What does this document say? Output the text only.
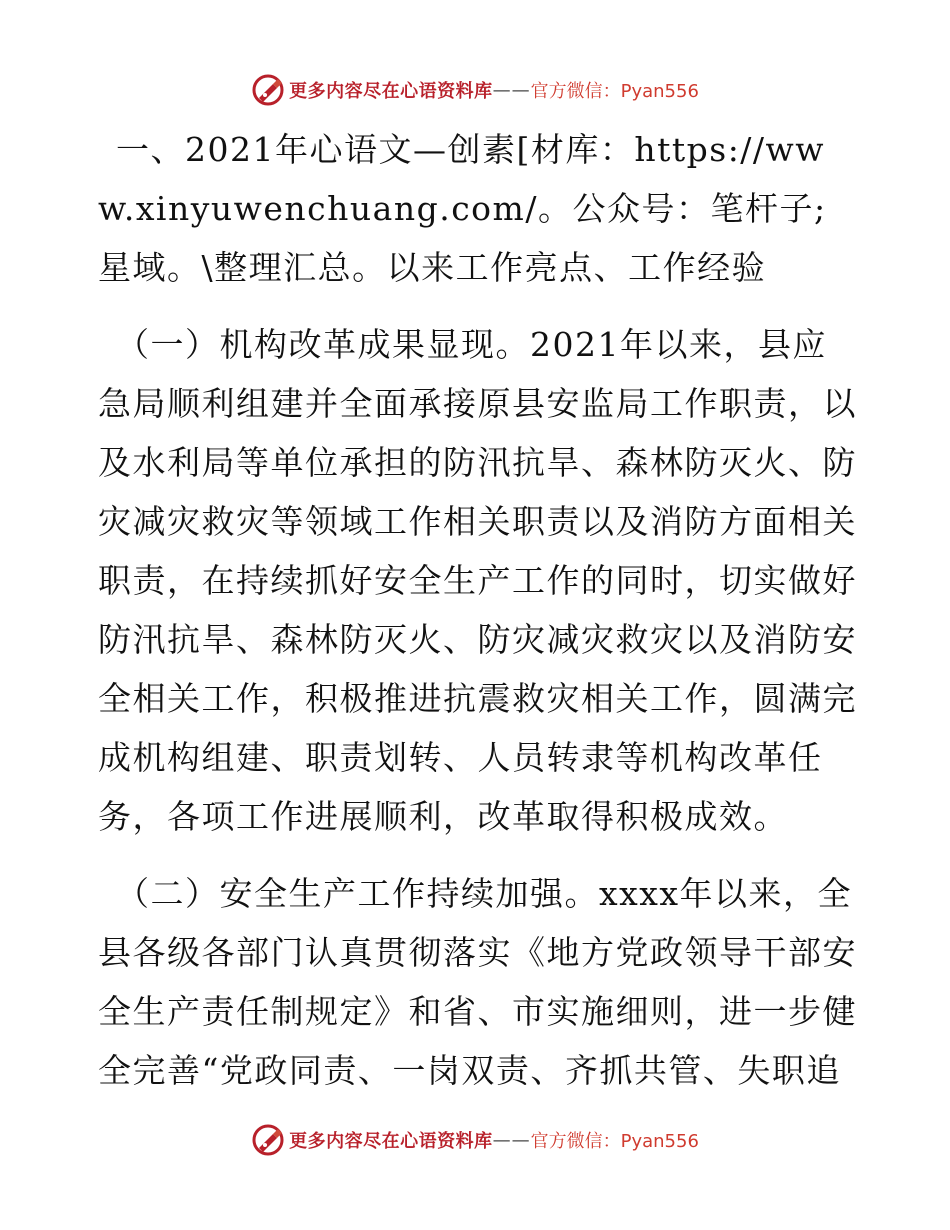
更多内容尽在心语资料库 —— 官方微信：Pyan556

一、2021年心语文—创素[材库：https://www.xinyuwenchuang.com/。公众号：笔杆子;星域。\整理汇总。以来工作亮点、工作经验

（一）机构改革成果显现。2021年以来，县应急局顺利组建并全面承接原县安监局工作职责，以及水利局等单位承担的防汛抗旱、森林防灭火、防灾减灾救灾等领域工作相关职责以及消防方面相关职责，在持续抓好安全生产工作的同时，切实做好防汛抗旱、森林防灭火、防灾减灾救灾以及消防安全相关工作，积极推进抗震救灾相关工作，圆满完成机构组建、职责划转、人员转隶等机构改革任务，各项工作进展顺利，改革取得积极成效。

（二）安全生产工作持续加强。xxxx年以来，全县各级各部门认真贯彻落实《地方党政领导干部安全生产责任制规定》和省、市实施细则，进一步健全完善“党政同责、一岗双责、齐抓共管、失职追

更多内容尽在心语资料库 —— 官方微信：Pyan556
